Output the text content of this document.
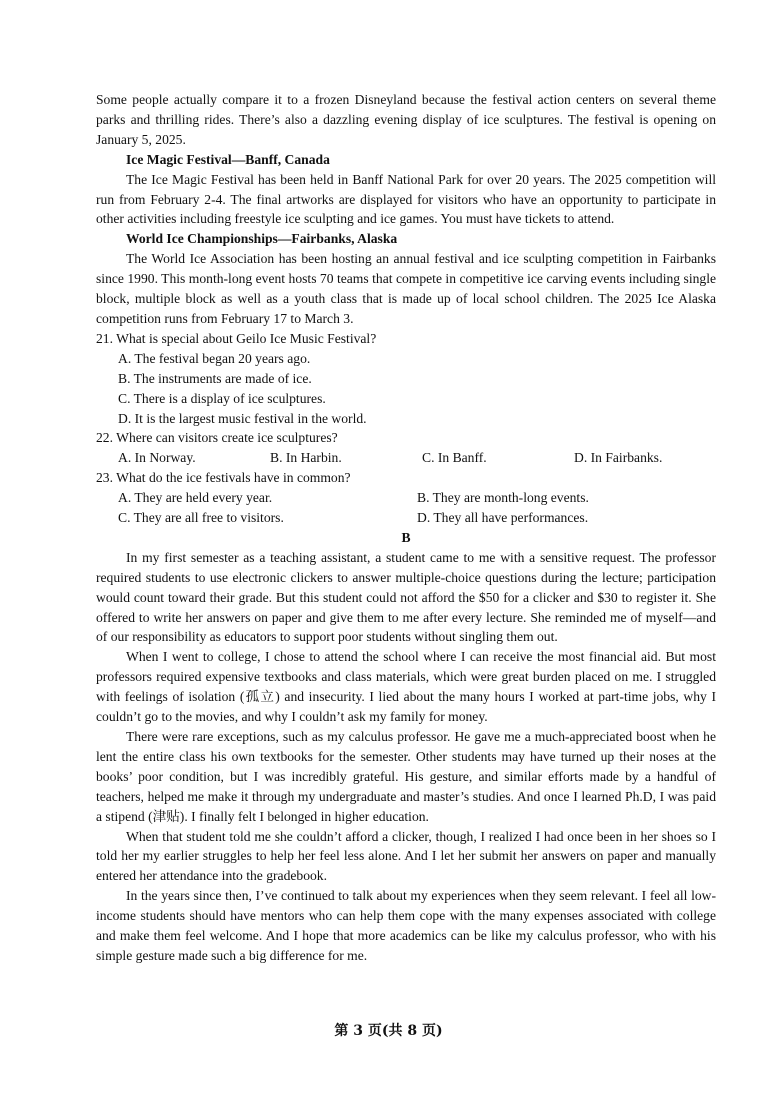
Some people actually compare it to a frozen Disneyland because the festival action centers on several theme parks and thrilling rides. There’s also a dazzling evening display of ice sculptures. The festival is opening on January 5, 2025.

Ice Magic Festival—Banff, Canada

The Ice Magic Festival has been held in Banff National Park for over 20 years. The 2025 competition will run from February 2-4. The final artworks are displayed for visitors who have an opportunity to participate in other activities including freestyle ice sculpting and ice games. You must have tickets to attend.

World Ice Championships—Fairbanks, Alaska

The World Ice Association has been hosting an annual festival and ice sculpting competition in Fairbanks since 1990. This month-long event hosts 70 teams that compete in competitive ice carving events including single block, multiple block as well as a youth class that is made up of local school children. The 2025 Ice Alaska competition runs from February 17 to March 3.

21. What is special about Geilo Ice Music Festival?

A. The festival began 20 years ago.

B. The instruments are made of ice.

C. There is a display of ice sculptures.

D. It is the largest music festival in the world.

22. Where can visitors create ice sculptures?

A. In Norway.	B. In Harbin.	C. In Banff.	D. In Fairbanks.

23. What do the ice festivals have in common?

A. They are held every year.	B. They are month-long events.
C. They are all free to visitors.	D. They all have performances.

B

In my first semester as a teaching assistant, a student came to me with a sensitive request. The professor required students to use electronic clickers to answer multiple-choice questions during the lecture; participation would count toward their grade. But this student could not afford the $50 for a clicker and $30 to register it. She offered to write her answers on paper and give them to me after every lecture. She reminded me of myself—and of our responsibility as educators to support poor students without singling them out.

When I went to college, I chose to attend the school where I can receive the most financial aid. But most professors required expensive textbooks and class materials, which were great burden placed on me. I struggled with feelings of isolation (孤立) and insecurity. I lied about the many hours I worked at part-time jobs, why I couldn’t go to the movies, and why I couldn’t ask my family for money.

There were rare exceptions, such as my calculus professor. He gave me a much-appreciated boost when he lent the entire class his own textbooks for the semester. Other students may have turned up their noses at the books’ poor condition, but I was incredibly grateful. His gesture, and similar efforts made by a handful of teachers, helped me make it through my undergraduate and master’s studies. And once I learned Ph.D, I was paid a stipend (津贴). I finally felt I belonged in higher education.

When that student told me she couldn’t afford a clicker, though, I realized I had once been in her shoes so I told her my earlier struggles to help her feel less alone. And I let her submit her answers on paper and manually entered her attendance into the gradebook.

In the years since then, I’ve continued to talk about my experiences when they seem relevant. I feel all low-income students should have mentors who can help them cope with the many expenses associated with college and make them feel welcome. And I hope that more academics can be like my calculus professor, who with his simple gesture made such a big difference for me.

第 3 页(共 8 页)
